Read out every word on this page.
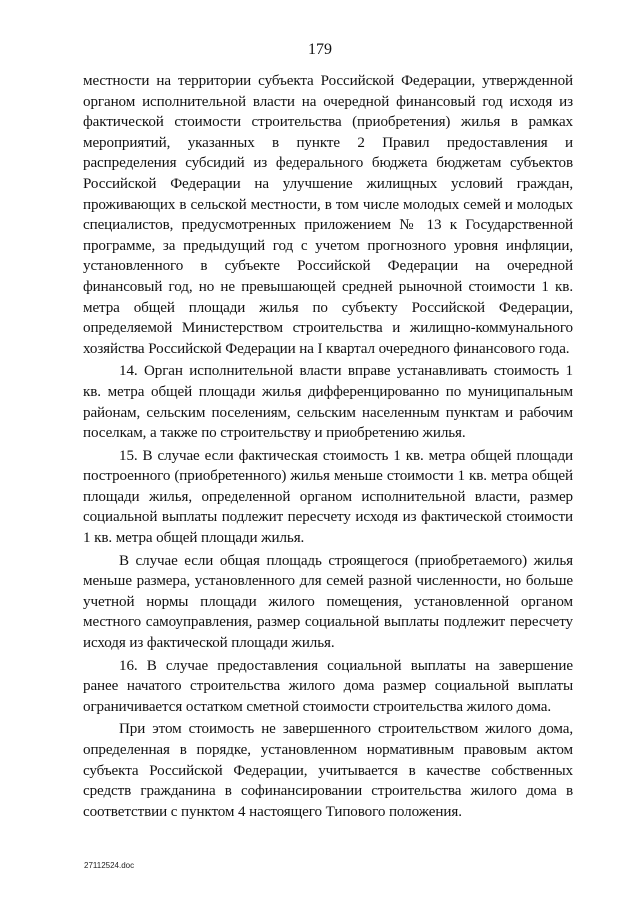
179

местности на территории субъекта Российской Федерации, утвержденной органом исполнительной власти на очередной финансовый год исходя из фактической стоимости строительства (приобретения) жилья в рамках мероприятий, указанных в пункте 2 Правил предоставления и распределения субсидий из федерального бюджета бюджетам субъектов Российской Федерации на улучшение жилищных условий граждан, проживающих в сельской местности, в том числе молодых семей и молодых специалистов, предусмотренных приложением № 13 к Государственной программе, за предыдущий год с учетом прогнозного уровня инфляции, установленного в субъекте Российской Федерации на очередной финансовый год, но не превышающей средней рыночной стоимости 1 кв. метра общей площади жилья по субъекту Российской Федерации, определяемой Министерством строительства и жилищно-коммунального хозяйства Российской Федерации на I квартал очередного финансового года.

14. Орган исполнительной власти вправе устанавливать стоимость 1 кв. метра общей площади жилья дифференцированно по муниципальным районам, сельским поселениям, сельским населенным пунктам и рабочим поселкам, а также по строительству и приобретению жилья.

15. В случае если фактическая стоимость 1 кв. метра общей площади построенного (приобретенного) жилья меньше стоимости 1 кв. метра общей площади жилья, определенной органом исполнительной власти, размер социальной выплаты подлежит пересчету исходя из фактической стоимости 1 кв. метра общей площади жилья.

В случае если общая площадь строящегося (приобретаемого) жилья меньше размера, установленного для семей разной численности, но больше учетной нормы площади жилого помещения, установленной органом местного самоуправления, размер социальной выплаты подлежит пересчету исходя из фактической площади жилья.

16. В случае предоставления социальной выплаты на завершение ранее начатого строительства жилого дома размер социальной выплаты ограничивается остатком сметной стоимости строительства жилого дома.

При этом стоимость не завершенного строительством жилого дома, определенная в порядке, установленном нормативным правовым актом субъекта Российской Федерации, учитывается в качестве собственных средств гражданина в софинансировании строительства жилого дома в соответствии с пунктом 4 настоящего Типового положения.

27112524.doc
